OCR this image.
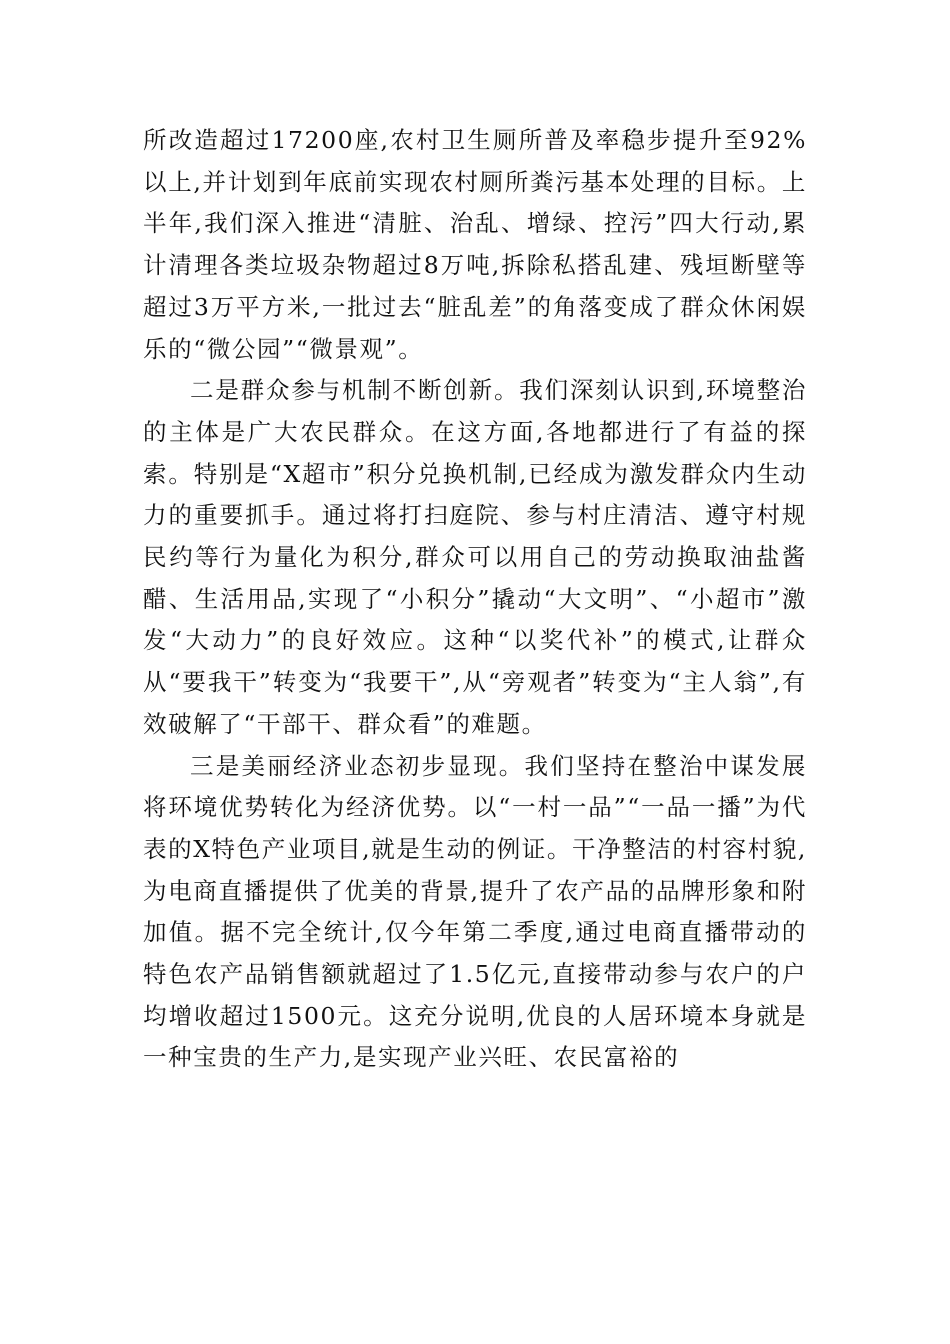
所改造超过17200座,农村卫生厕所普及率稳步提升至92%以上,并计划到年底前实现农村厕所粪污基本处理的目标。上半年,我们深入推进“清脏、治乱、增绿、控污”四大行动,累计清理各类垃圾杂物超过8万吨,拆除私搭乱建、残垣断壁等超过3万平方米,一批过去“脏乱差”的角落变成了群众休闲娱乐的“微公园”“微景观”。

二是群众参与机制不断创新。我们深刻认识到,环境整治的主体是广大农民群众。在这方面,各地都进行了有益的探索。特别是“X超市”积分兑换机制,已经成为激发群众内生动力的重要抓手。通过将打扫庭院、参与村庄清洁、遵守村规民约等行为量化为积分,群众可以用自己的劳动换取油盐酱醋、生活用品,实现了“小积分”撬动“大文明”、“小超市”激发“大动力”的良好效应。这种“以奖代补”的模式,让群众从“要我干”转变为“我要干”,从“旁观者”转变为“主人翁”,有效破解了“干部干、群众看”的难题。

三是美丽经济业态初步显现。我们坚持在整治中谋发展将环境优势转化为经济优势。以“一村一品”“一品一播”为代表的X特色产业项目,就是生动的例证。干净整洁的村容村貌,为电商直播提供了优美的背景,提升了农产品的品牌形象和附加值。据不完全统计,仅今年第二季度,通过电商直播带动的特色农产品销售额就超过了1.5亿元,直接带动参与农户的户均增收超过1500元。这充分说明,优良的人居环境本身就是一种宝贵的生产力,是实现产业兴旺、农民富裕的
